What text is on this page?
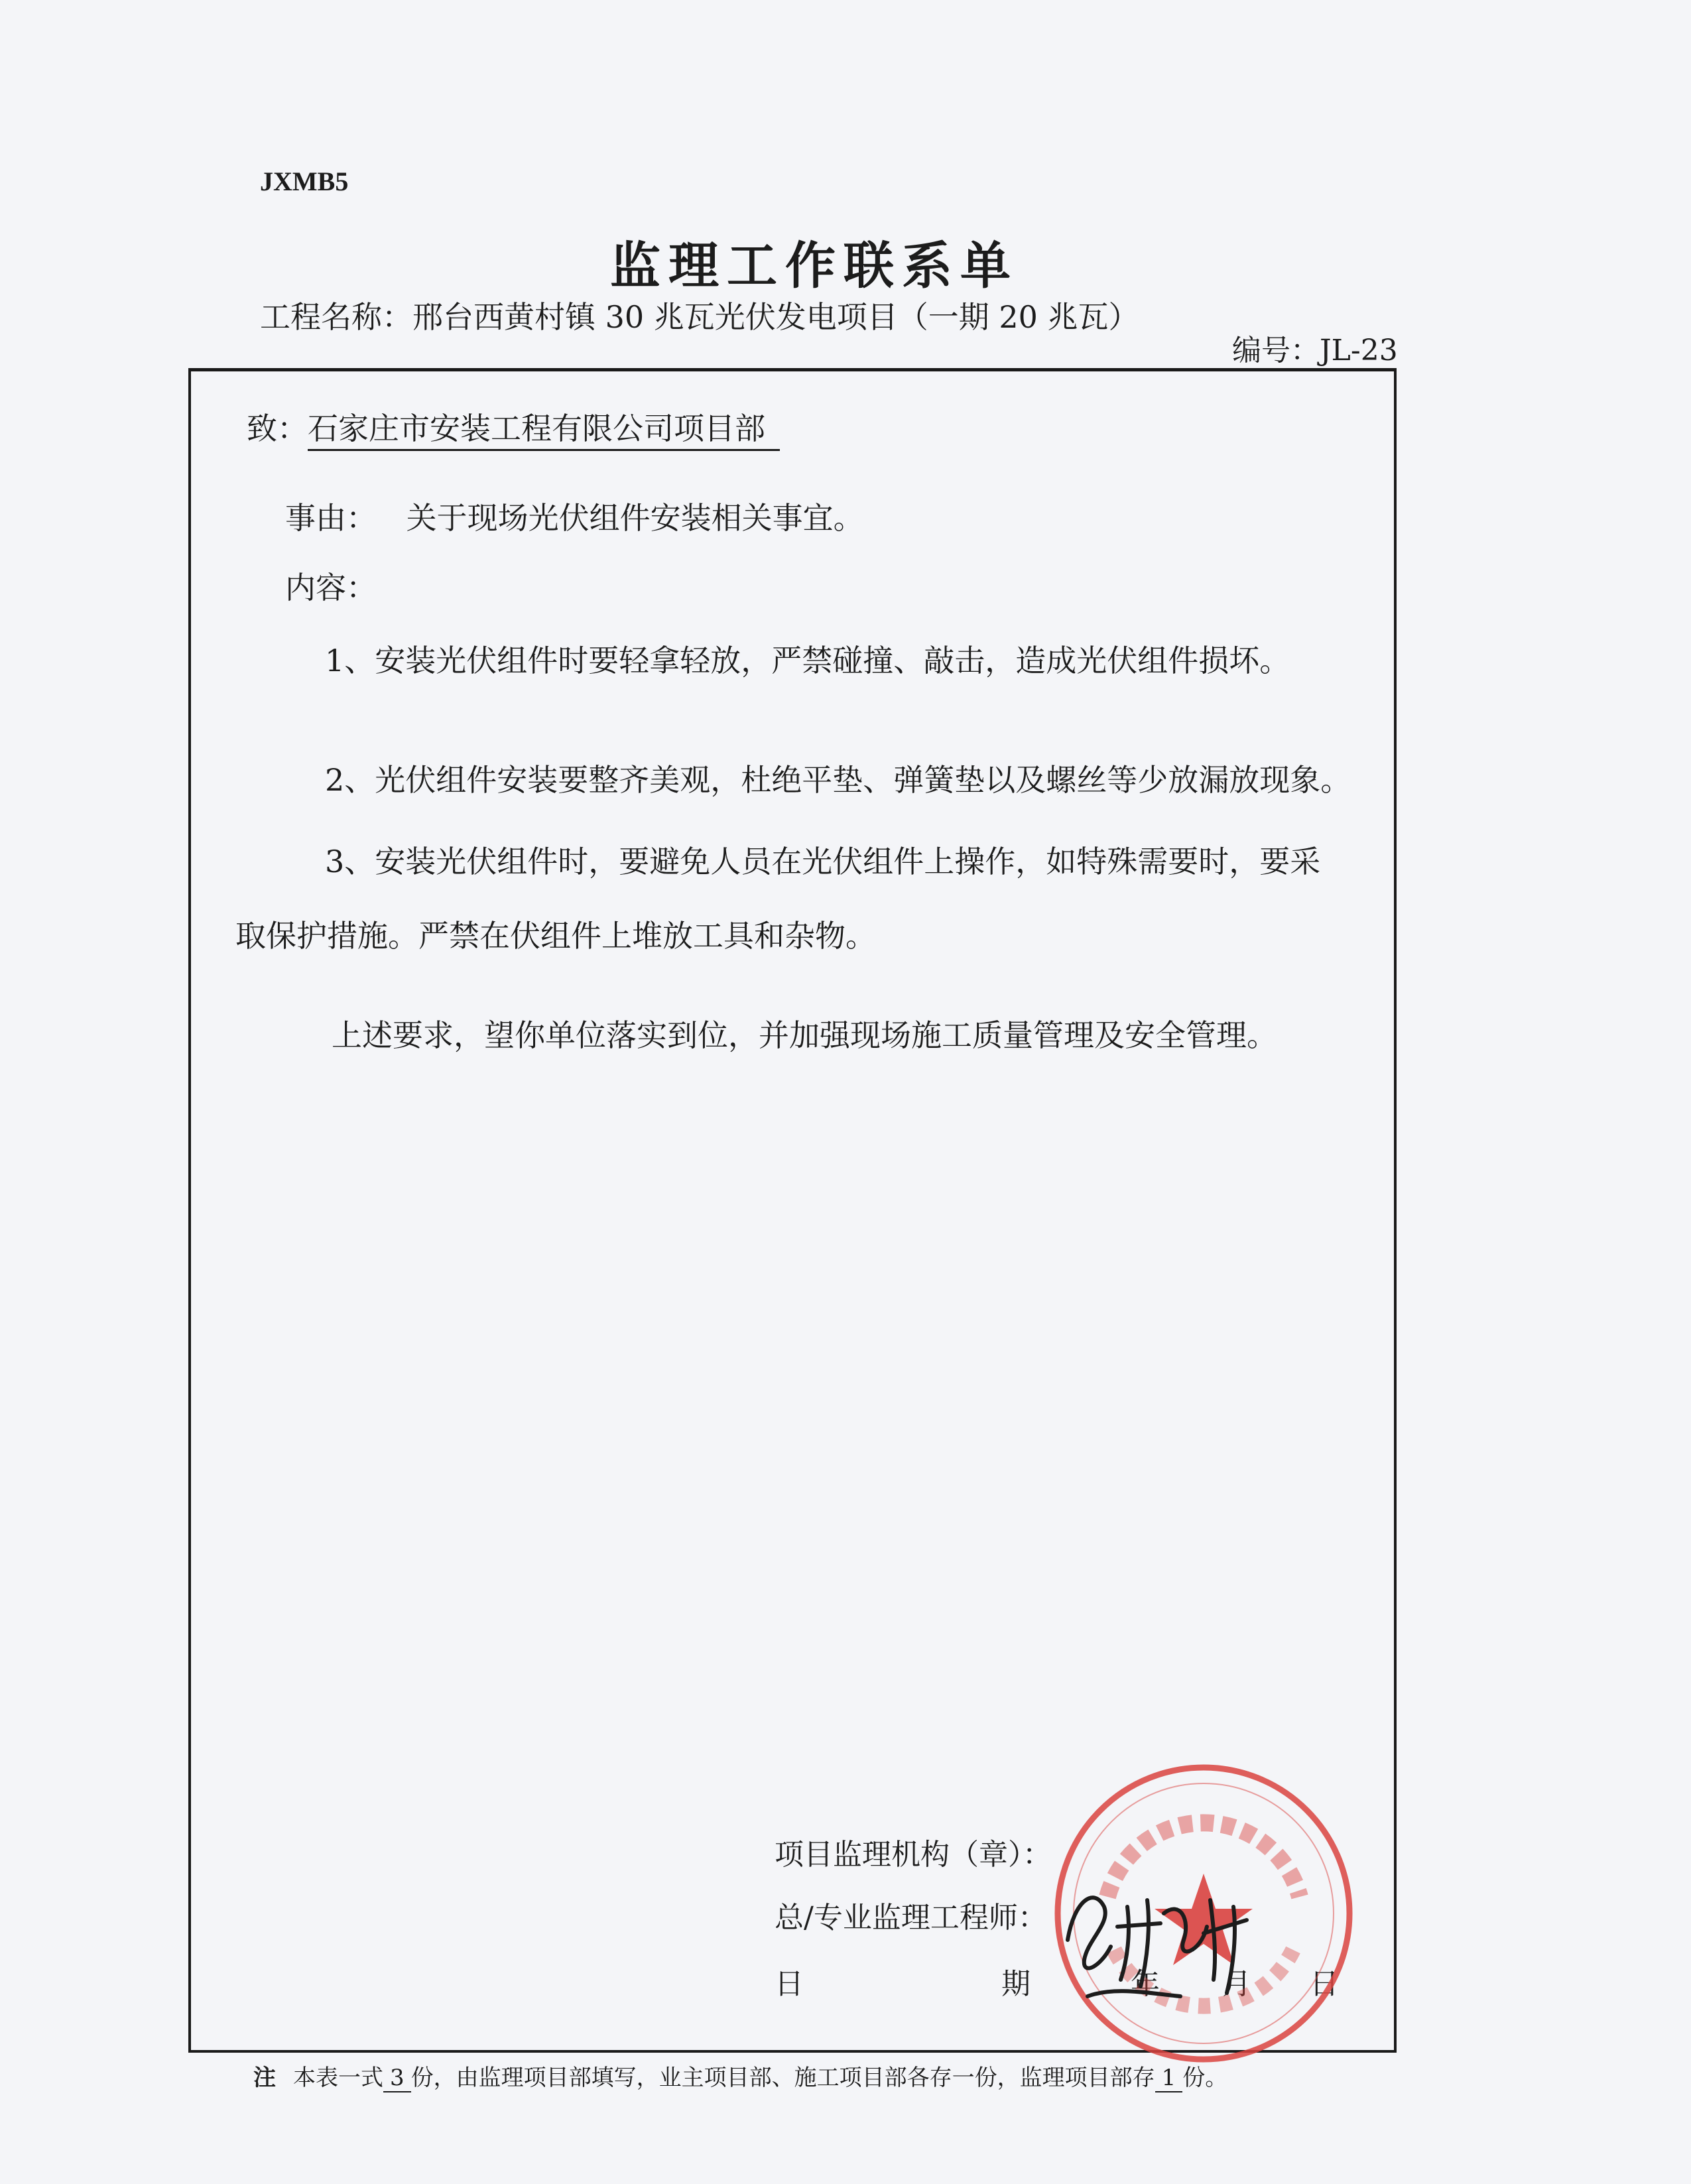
JXMB5
监理工作联系单
工程名称：邢台西黄村镇 30 兆瓦光伏发电项目（一期 20 兆瓦）
编号：JL-23
致：石家庄市安装工程有限公司项目部
事由： 关于现场光伏组件安装相关事宜。
内容：
1、安装光伏组件时要轻拿轻放，严禁碰撞、敲击，造成光伏组件损坏。
2、光伏组件安装要整齐美观，杜绝平垫、弹簧垫以及螺丝等少放漏放现象。
3、安装光伏组件时，要避免人员在光伏组件上操作，如特殊需要时，要采
取保护措施。严禁在伏组件上堆放工具和杂物。
上述要求，望你单位落实到位，并加强现场施工质量管理及安全管理。
项目监理机构（章）：
总/专业监理工程师：
日	期	年 月 日
注 本表一式 3 份，由监理项目部填写，业主项目部、施工项目部各存一份，监理项目部存 1 份。
